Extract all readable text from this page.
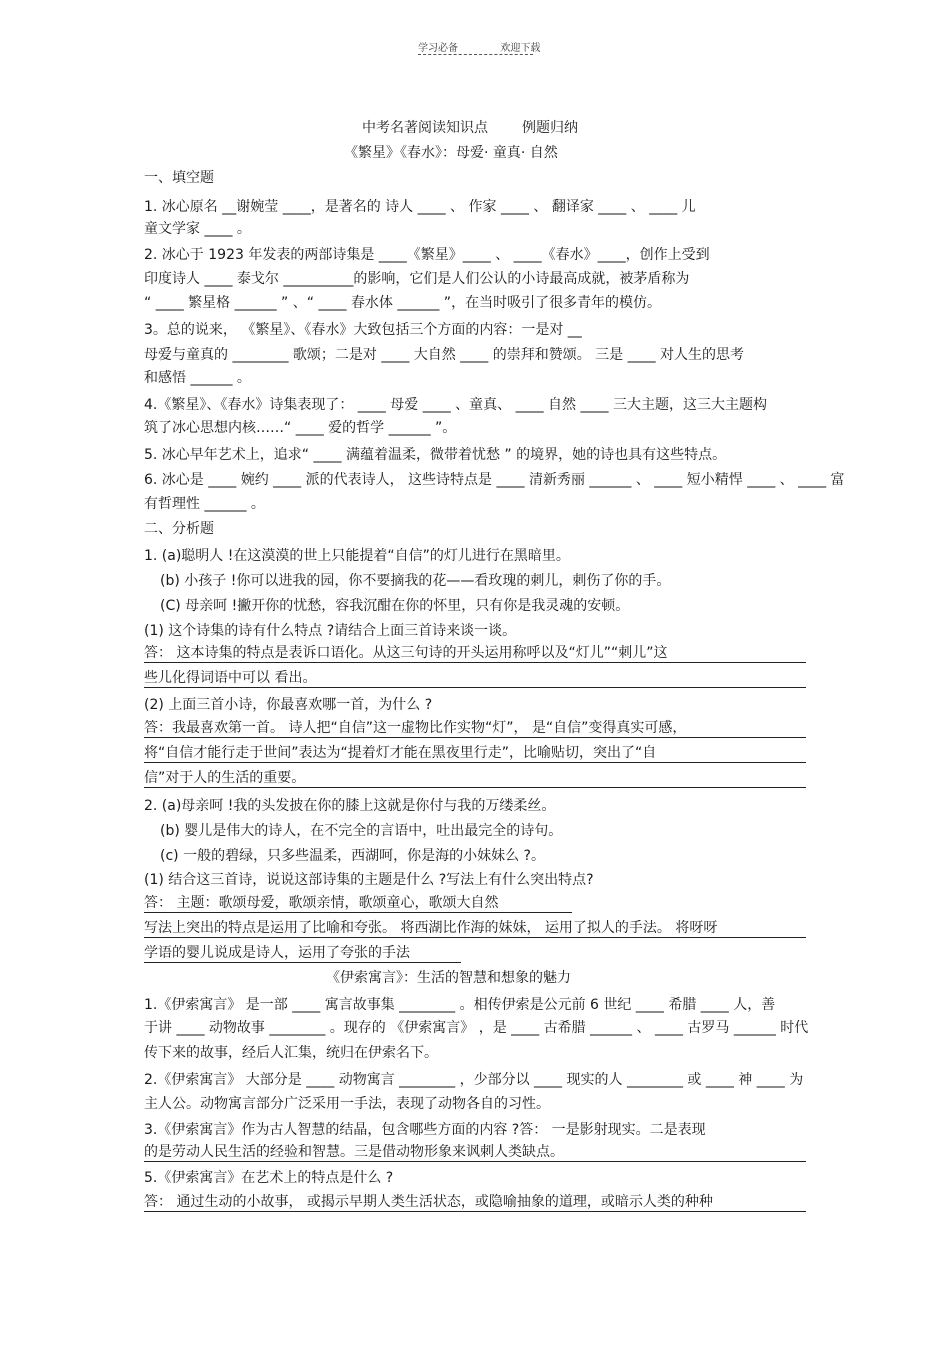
学习必备	欢迎下载
中考名著阅读知识点 例题归纳
《繁星》《春水》：母爱· 童真· 自然
一、填空题
1. 冰心原名 __谢婉莹 ____，是著名的 诗人 ____ 、 作家 ____ 、 翻译家 ____ 、 ____ 儿
童文学家 ____ 。
2. 冰心于 1923 年发表的两部诗集是 ____《繁星》____ 、 ____《春水》____，创作上受到
印度诗人 ____ 泰戈尔 __________的影响，它们是人们公认的小诗最高成就，被茅盾称为
“ ____ 繁星格 ______ ” 、“ ____ 春水体 ______ ”，在当时吸引了很多青年的模仿。
3。总的说来， 《繁星》、《春水》大致包括三个方面的内容：一是对 __
母爱与童真的 ________ 歌颂；二是对 ____ 大自然 ____ 的崇拜和赞颂。 三是 ____ 对人生的思考
和感悟 ______ 。
4.《繁星》、《春水》诗集表现了： ____ 母爱 ____ 、童真、 ____ 自然 ____ 三大主题，这三大主题构
筑了冰心思想内核……“ ____ 爱的哲学 ______ ”。
5. 冰心早年艺术上，追求“ ____ 满蕴着温柔，微带着忧愁 ” 的境界，她的诗也具有这些特点。
6. 冰心是 ____ 婉约 ____ 派的代表诗人， 这些诗特点是 ____ 清新秀丽 ______ 、 ____ 短小精悍 ____ 、 ____ 富
有哲理性 ______ 。
二、分析题
1. (a)聪明人 !在这漠漠的世上只能提着“自信”的灯儿进行在黑暗里。
(b) 小孩子 !你可以进我的园，你不要摘我的花——看玫瑰的刺儿，刺伤了你的手。
(C) 母亲呵 !撇开你的忧愁，容我沉酣在你的怀里，只有你是我灵魂的安顿。
(1) 这个诗集的诗有什么特点 ?请结合上面三首诗来谈一谈。
答： 这本诗集的特点是表诉口语化。从这三句诗的开头运用称呼以及“灯儿”“刺儿”这
些儿化得词语中可以 看出。
(2) 上面三首小诗，你最喜欢哪一首，为什么 ?
答：我最喜欢第一首。 诗人把“自信”这一虚物比作实物“灯”， 是“自信”变得真实可感，
将“自信才能行走于世间”表达为“提着灯才能在黑夜里行走”，比喻贴切，突出了“自
信”对于人的生活的重要。
2. (a)母亲呵 !我的头发披在你的膝上这就是你付与我的万缕柔丝。
(b) 婴儿是伟大的诗人，在不完全的言语中，吐出最完全的诗句。
(c) 一般的碧绿，只多些温柔，西湖呵，你是海的小妹妹么 ?。
(1) 结合这三首诗，说说这部诗集的主题是什么 ?写法上有什么突出特点?
答： 主题：歌颂母爱，歌颂亲情，歌颂童心，歌颂大自然
写法上突出的特点是运用了比喻和夸张。 将西湖比作海的妹妹， 运用了拟人的手法。 将呀呀
学语的婴儿说成是诗人，运用了夸张的手法
《伊索寓言》：生活的智慧和想象的魅力
1.《伊索寓言》 是一部 ____ 寓言故事集 ________ 。相传伊索是公元前 6 世纪 ____ 希腊 ____ 人，善
于讲 ____ 动物故事 ________ 。现存的 《伊索寓言》 ，是 ____ 古希腊 ______ 、 ____ 古罗马 ______ 时代
传下来的故事，经后人汇集，统归在伊索名下。
2.《伊索寓言》 大部分是 ____ 动物寓言 ________ ，少部分以 ____ 现实的人 ________ 或 ____ 神 ____ 为
主人公。动物寓言部分广泛采用一手法，表现了动物各自的习性。
3.《伊索寓言》作为古人智慧的结晶，包含哪些方面的内容 ?答： 一是影射现实。二是表现
的是劳动人民生活的经验和智慧。三是借动物形象来讽刺人类缺点。
5.《伊索寓言》在艺术上的特点是什么 ?
答： 通过生动的小故事， 或揭示早期人类生活状态，或隐喻抽象的道理，或暗示人类的种种
